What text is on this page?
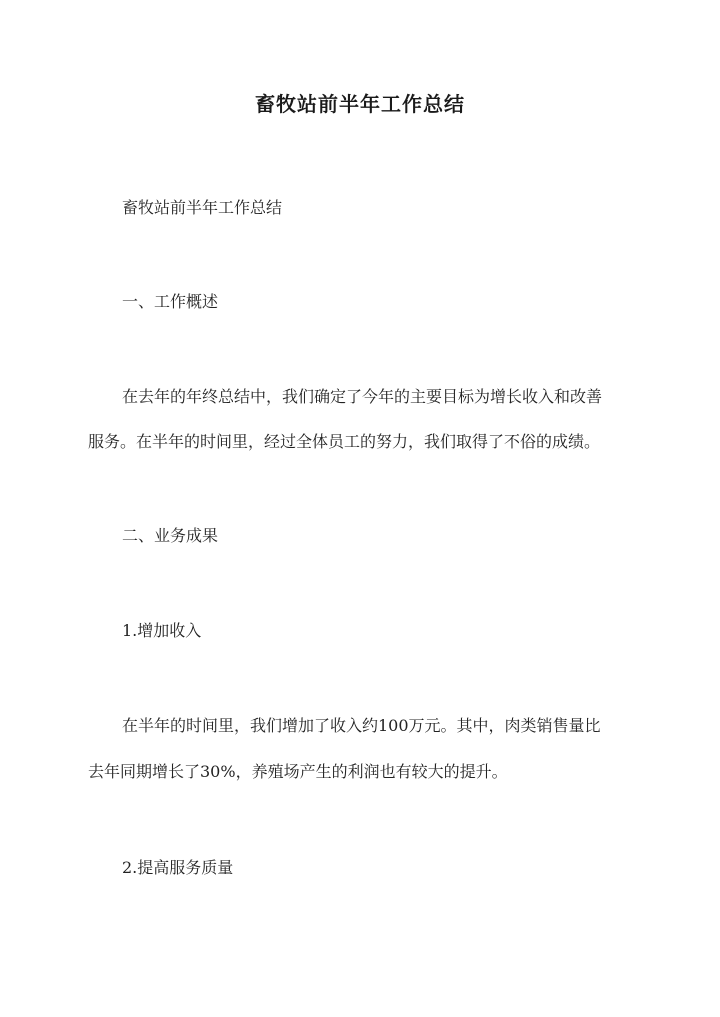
畜牧站前半年工作总结

畜牧站前半年工作总结

一、工作概述

在去年的年终总结中，我们确定了今年的主要目标为增长收入和改善

服务。在半年的时间里，经过全体员工的努力，我们取得了不俗的成绩。

二、业务成果

1.增加收入

在半年的时间里，我们增加了收入约100万元。其中，肉类销售量比

去年同期增长了30%，养殖场产生的利润也有较大的提升。

2.提高服务质量
